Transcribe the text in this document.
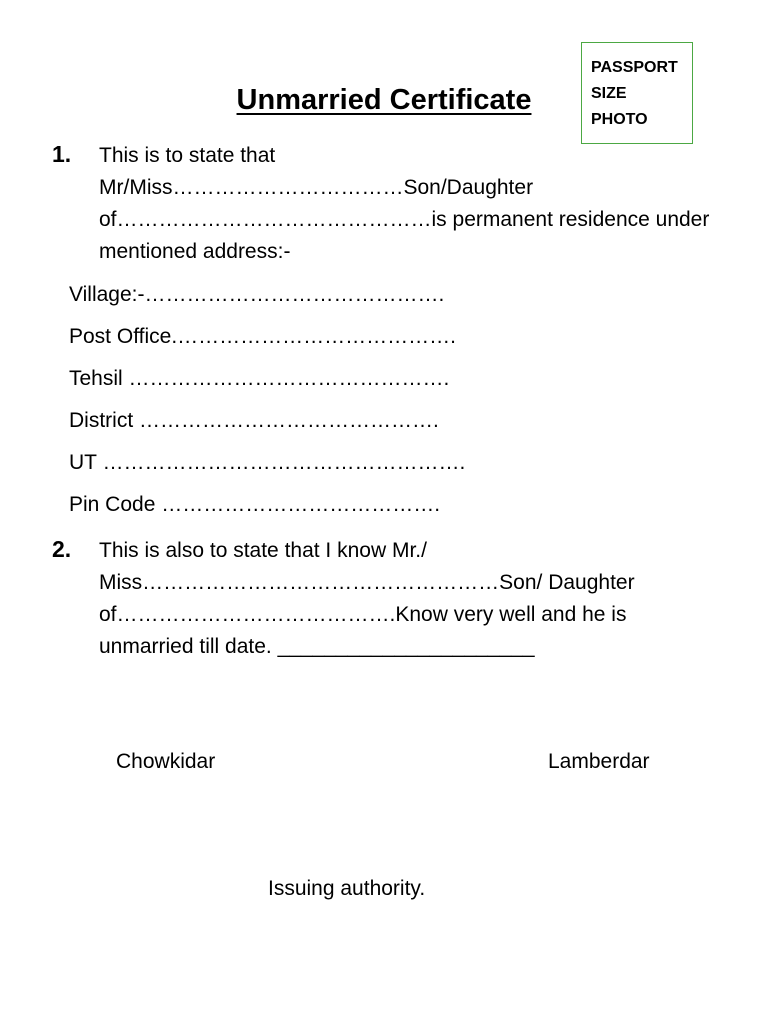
PASSPORT
SIZE
PHOTO
Unmarried Certificate
1. This is to state that
Mr/Miss……………………………Son/Daughter
of………………………………………is permanent residence under
mentioned address:-
Village:-…………………………………….
Post Office.………………………………….
Tehsil ……………………………………….
District …………………………………….
UT …………………………………………….
Pin Code ………………………………….
2. This is also to state that I know Mr./
Miss……………………………………………Son/ Daughter
of………………………………….Know very well and he is
unmarried till date. ______________________
Chowkidar	Lamberdar
Issuing authority.
